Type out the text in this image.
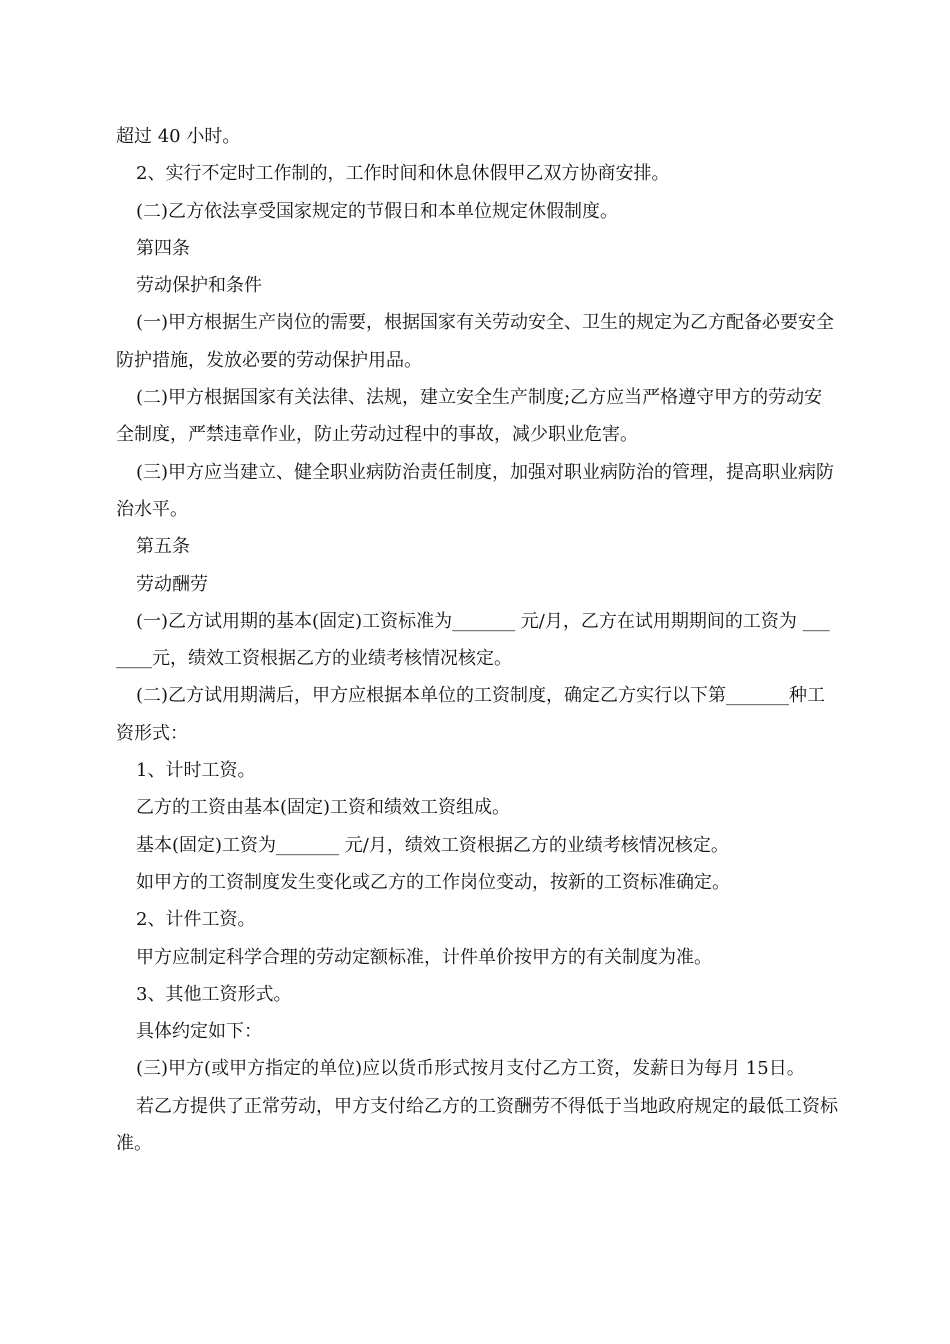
超过 40 小时。

2、实行不定时工作制的，工作时间和休息休假甲乙双方协商安排。

(二)乙方依法享受国家规定的节假日和本单位规定休假制度。

第四条

劳动保护和条件

(一)甲方根据生产岗位的需要，根据国家有关劳动安全、卫生的规定为乙方配备必要安全防护措施，发放必要的劳动保护用品。

(二)甲方根据国家有关法律、法规，建立安全生产制度;乙方应当严格遵守甲方的劳动安全制度，严禁违章作业，防止劳动过程中的事故，减少职业危害。

(三)甲方应当建立、健全职业病防治责任制度，加强对职业病防治的管理，提高职业病防治水平。

第五条

劳动酬劳

(一)乙方试用期的基本(固定)工资标准为_______ 元/月，乙方在试用期期间的工资为 _______元，绩效工资根据乙方的业绩考核情况核定。

(二)乙方试用期满后，甲方应根据本单位的工资制度，确定乙方实行以下第_______种工资形式：

1、计时工资。

乙方的工资由基本(固定)工资和绩效工资组成。

基本(固定)工资为_______ 元/月，绩效工资根据乙方的业绩考核情况核定。

如甲方的工资制度发生变化或乙方的工作岗位变动，按新的工资标准确定。

2、计件工资。

甲方应制定科学合理的劳动定额标准，计件单价按甲方的有关制度为准。

3、其他工资形式。

具体约定如下：

(三)甲方(或甲方指定的单位)应以货币形式按月支付乙方工资，发薪日为每月 15日。

若乙方提供了正常劳动，甲方支付给乙方的工资酬劳不得低于当地政府规定的最低工资标准。
